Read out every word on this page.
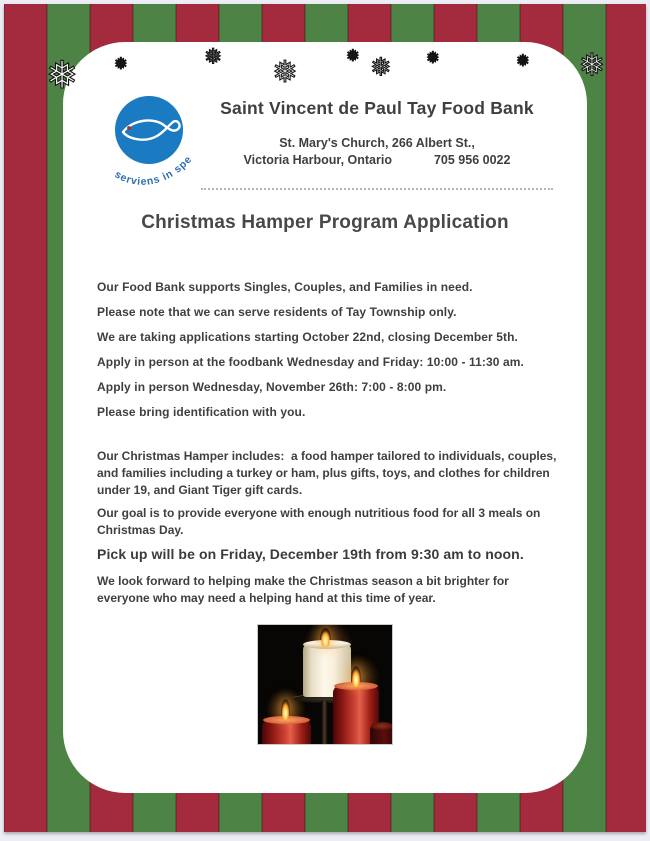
serviens in spe
Saint Vincent de Paul Tay Food Bank
St. Mary's Church, 266 Albert St.,
Victoria Harbour, Ontario	705 956 0022
Christmas Hamper Program Application

Our Food Bank supports Singles, Couples, and Families in need.

Please note that we can serve residents of Tay Township only.

We are taking applications starting October 22nd, closing December 5th.

Apply in person at the foodbank Wednesday and Friday: 10:00 - 11:30 am.

Apply in person Wednesday, November 26th: 7:00 - 8:00 pm.

Please bring identification with you.

Our Christmas Hamper includes:  a food hamper tailored to individuals, couples, and families including a turkey or ham, plus gifts, toys, and clothes for children under 19, and Giant Tiger gift cards.

Our goal is to provide everyone with enough nutritious food for all 3 meals on Christmas Day.

Pick up will be on Friday, December 19th from 9:30 am to noon.

We look forward to helping make the Christmas season a bit brighter for everyone who may need a helping hand at this time of year.

❅ ❅	❅ ❅	❅ ❅ ❅	❅ ❅
